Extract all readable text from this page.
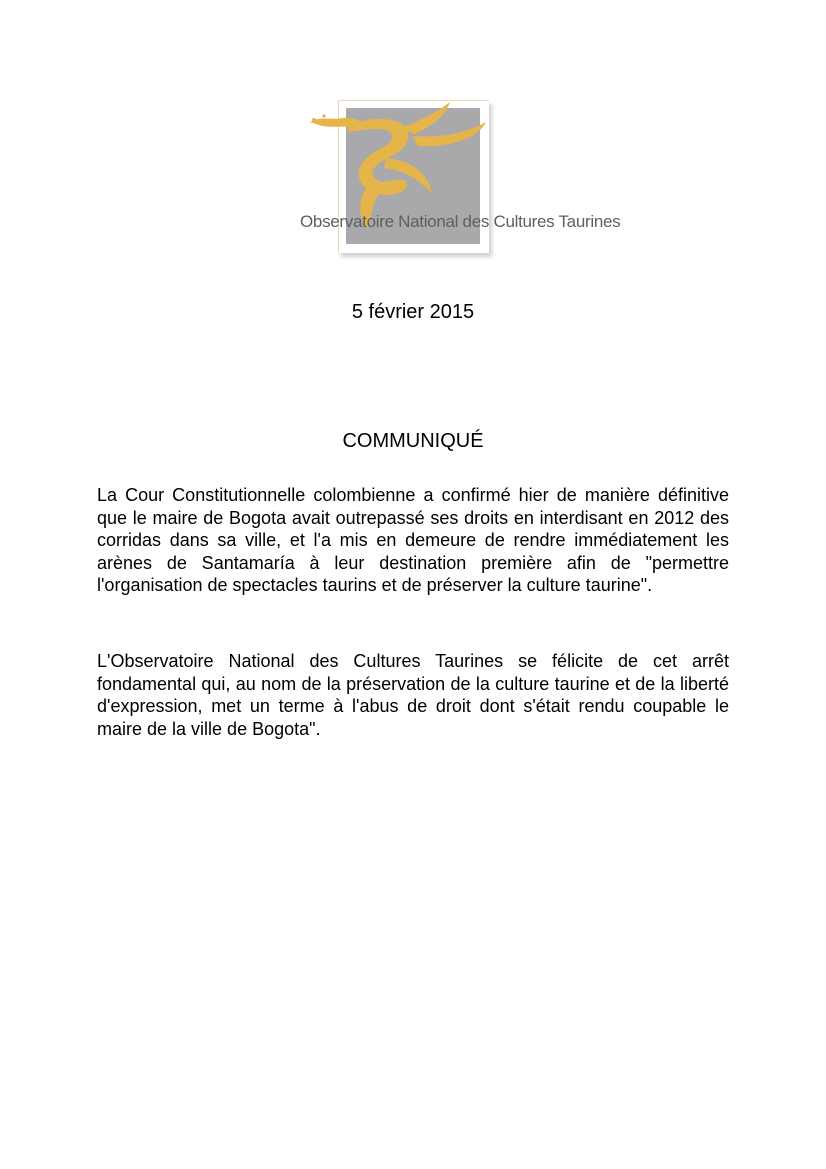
Observatoire National des Cultures Taurines
5 février 2015
COMMUNIQUÉ

La Cour Constitutionnelle colombienne a confirmé hier de manière définitive que le maire de Bogota avait outrepassé ses droits en interdisant en 2012 des corridas dans sa ville, et l'a mis en demeure de rendre immédiatement les arènes de Santamaría à leur destination première afin de "permettre l'organisation de spectacles taurins et de préserver la culture taurine".

L'Observatoire National des Cultures Taurines se félicite de cet arrêt fondamental qui, au nom de la préservation de la culture taurine et de la liberté d'expression, met un terme à l'abus de droit dont s'était rendu coupable le maire de la ville de Bogota".
